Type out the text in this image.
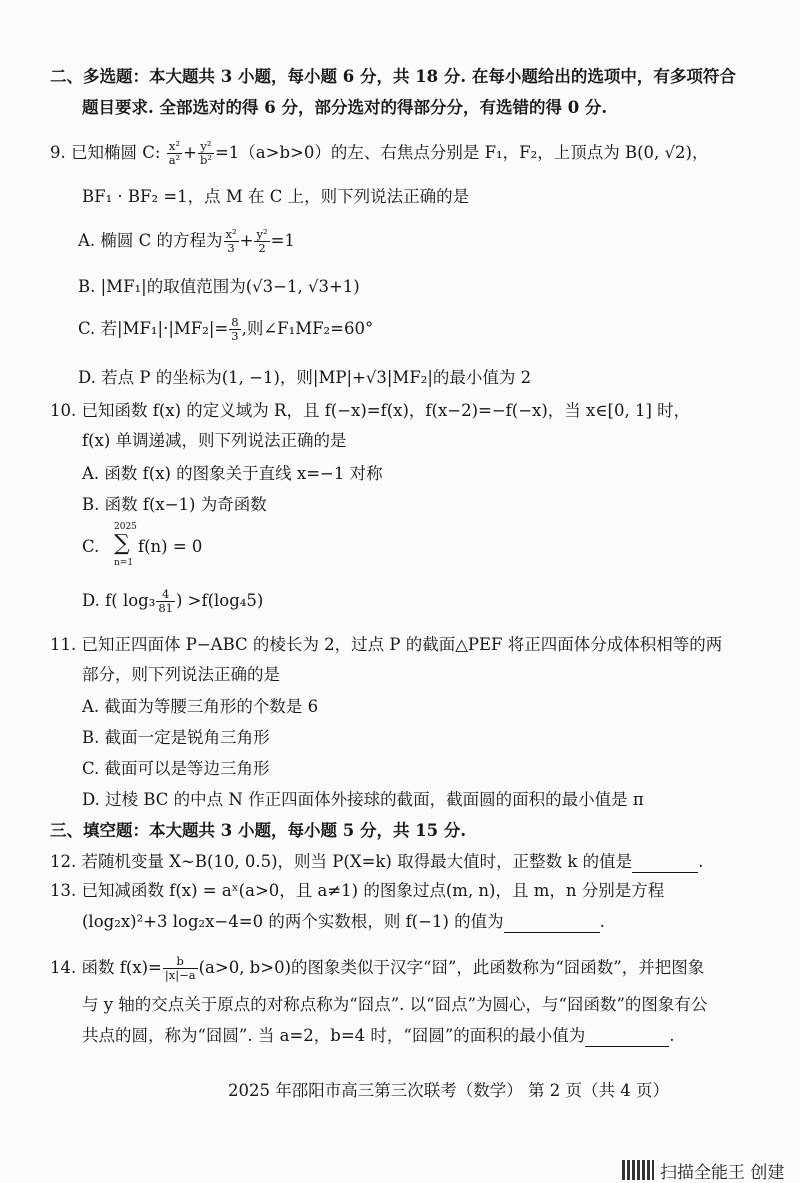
二、多选题：本大题共 3 小题，每小题 6 分，共 18 分. 在每小题给出的选项中，有多项符合
题目要求. 全部选对的得 6 分，部分选对的得部分分，有选错的得 0 分.
9. 已知椭圆 C: $\frac{\text{x²}}{\text{a²}} + \frac{\text{y²}}{\text{b²}} =1(a>b>0)$的左、右焦点分别是 F₁，F₂，上顶点为 B(0, √2)，
BF₁ · BF₂ =1，点 M 在 C 上，则下列说法正确的是
A. 椭圆 C 的方程为 $\frac{\text{x²}}{3} + \frac{\text{y²}}{2} =1$
B. |MF₁|的取值范围为(√3−1, √3+1)
C. 若$|MF_1|\cdot|MF_2|= \frac{8}{3}$ ,则∠F₁MF₂=60°
D. 若点 P 的坐标为(1, −1)，则|MP|+√3|MF₂|的最小值为 2
10. 已知函数 f(x) 的定义域为 R，且 f(−x)=f(x)，f(x−2)=−f(−x)，当 x∈[0, 1] 时，
f(x) 单调递减，则下列说法正确的是
A. 函数 f(x) 的图象关于直线 x=−1 对称
B. 函数 f(x−1) 为奇函数
C.
2025
∑
n=1
f(n) = 0
D. f( $\log_3 \frac{4}{81}$ ) >f(log₄5)
11. 已知正四面体 P−ABC 的棱长为 2，过点 P 的截面△PEF 将正四面体分成体积相等的两
部分，则下列说法正确的是
A. 截面为等腰三角形的个数是 6
B. 截面一定是锐角三角形
C. 截面可以是等边三角形
D. 过棱 BC 的中点 N 作正四面体外接球的截面，截面圆的面积的最小值是 π
三、填空题：本大题共 3 小题，每小题 5 分，共 15 分.
12. 若随机变量 X∼B(10, 0.5)，则当 P(X=k) 取得最大值时，正整数 k 的值是	.
13. 已知减函数 f(x) = aˣ(a>0，且 a≠1) 的图象过点(m, n)，且 m，n 分别是方程
(log₂x)²+3 log₂x−4=0 的两个实数根，则 f(−1) 的值为	.
14. 函数 $f(x)= \frac{b}{|x|-a} (a>0$, b>0)的图象类似于汉字“囧”，此函数称为“囧函数”，并把图象
与 y 轴的交点关于原点的对称点称为“囧点”. 以“囧点”为圆心，与“囧函数”的图象有公
共点的圆，称为“囧圆”. 当 a=2，b=4 时，“囧圆”的面积的最小值为	.
2025 年邵阳市高三第三次联考（数学） 第 2 页（共 4 页）
扫描全能王 创建
